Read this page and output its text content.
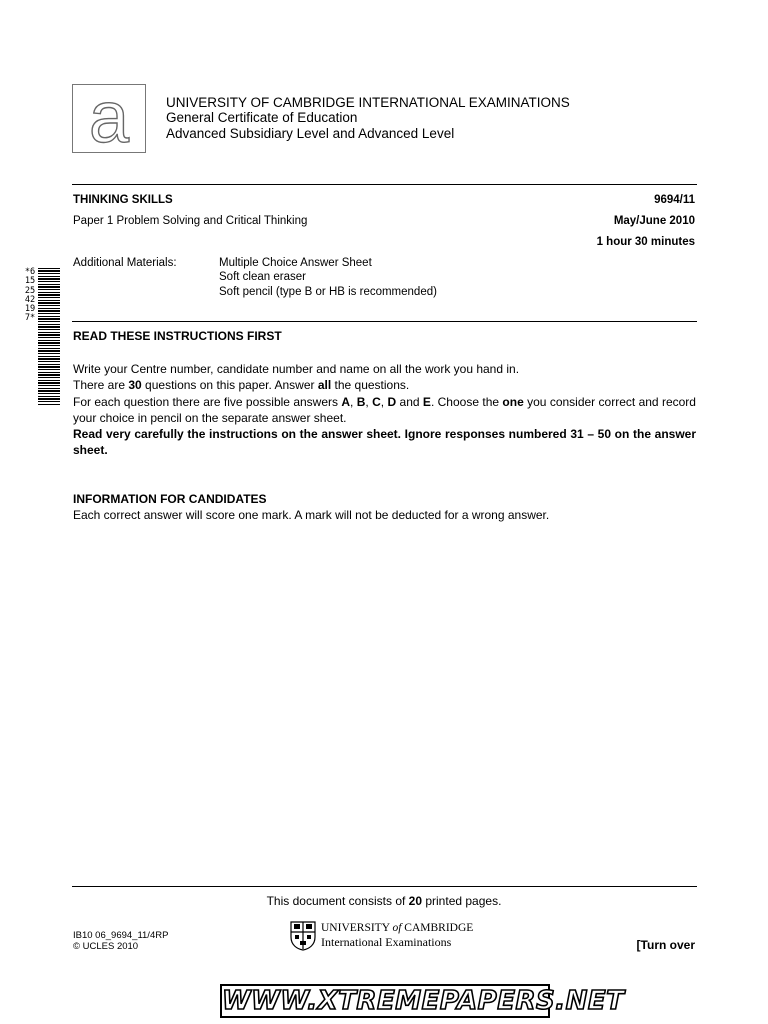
a	UNIVERSITY OF CAMBRIDGE INTERNATIONAL EXAMINATIONS
General Certificate of Education
Advanced Subsidiary Level and Advanced Level
THINKING SKILLS	9694/11
Paper 1 Problem Solving and Critical Thinking	May/June 2010
1 hour 30 minutes
Additional Materials:	Multiple Choice Answer Sheet
Soft clean eraser
Soft pencil (type B or HB is recommended)
*6152542197*
READ THESE INSTRUCTIONS FIRST
Write your Centre number, candidate number and name on all the work you hand in.
There are 30 questions on this paper. Answer all the questions.
For each question there are five possible answers A, B, C, D and E. Choose the one you consider correct and record your choice in pencil on the separate answer sheet.
Read very carefully the instructions on the answer sheet. Ignore responses numbered 31 – 50 on the answer sheet.
INFORMATION FOR CANDIDATES
Each correct answer will score one mark. A mark will not be deducted for a wrong answer.
This document consists of 20 printed pages.
IB10 06_9694_11/4RP
© UCLES 2010
UNIVERSITY of CAMBRIDGE
International Examinations	[Turn over
WWW.XTREMEPAPERS.NET
